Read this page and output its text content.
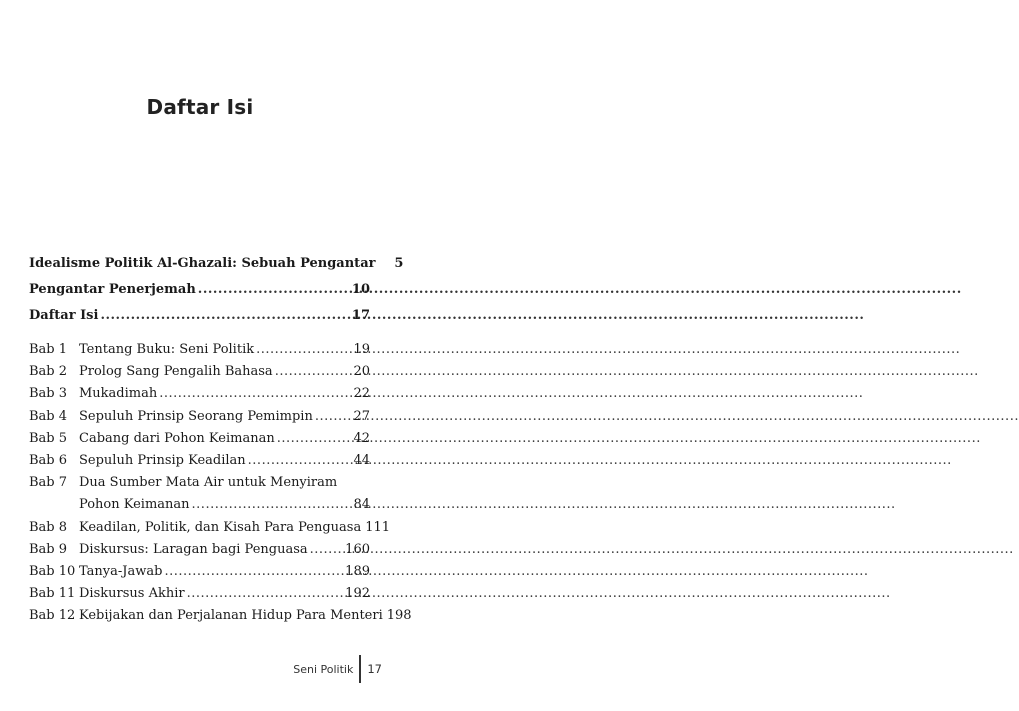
Daftar Isi
Idealisme Politik Al-Ghazali: Sebuah Pengantar	5
Pengantar Penerjemah .....	10
Daftar Isi .....	17
Bab 1 Tentang Buku: Seni Politik .....	19
Bab 2 Prolog Sang Pengalih Bahasa .....	20
Bab 3 Mukadimah .....	22
Bab 4 Sepuluh Prinsip Seorang Pemimpin .....	27
Bab 5 Cabang dari Pohon Keimanan .....	42
Bab 6 Sepuluh Prinsip Keadilan .....	44
Bab 7 Dua Sumber Mata Air untuk Menyiram
Pohon Keimanan .....	84
Bab 8 Keadilan, Politik, dan Kisah Para Penguasa 111
Bab 9 Diskursus: Laragan bagi Penguasa .....	160
Bab 10 Tanya-Jawab .....	189
Bab 11 Diskursus Akhir .....	192
Bab 12 Kebijakan dan Perjalanan Hidup Para Menteri 198
Seni Politik	17
